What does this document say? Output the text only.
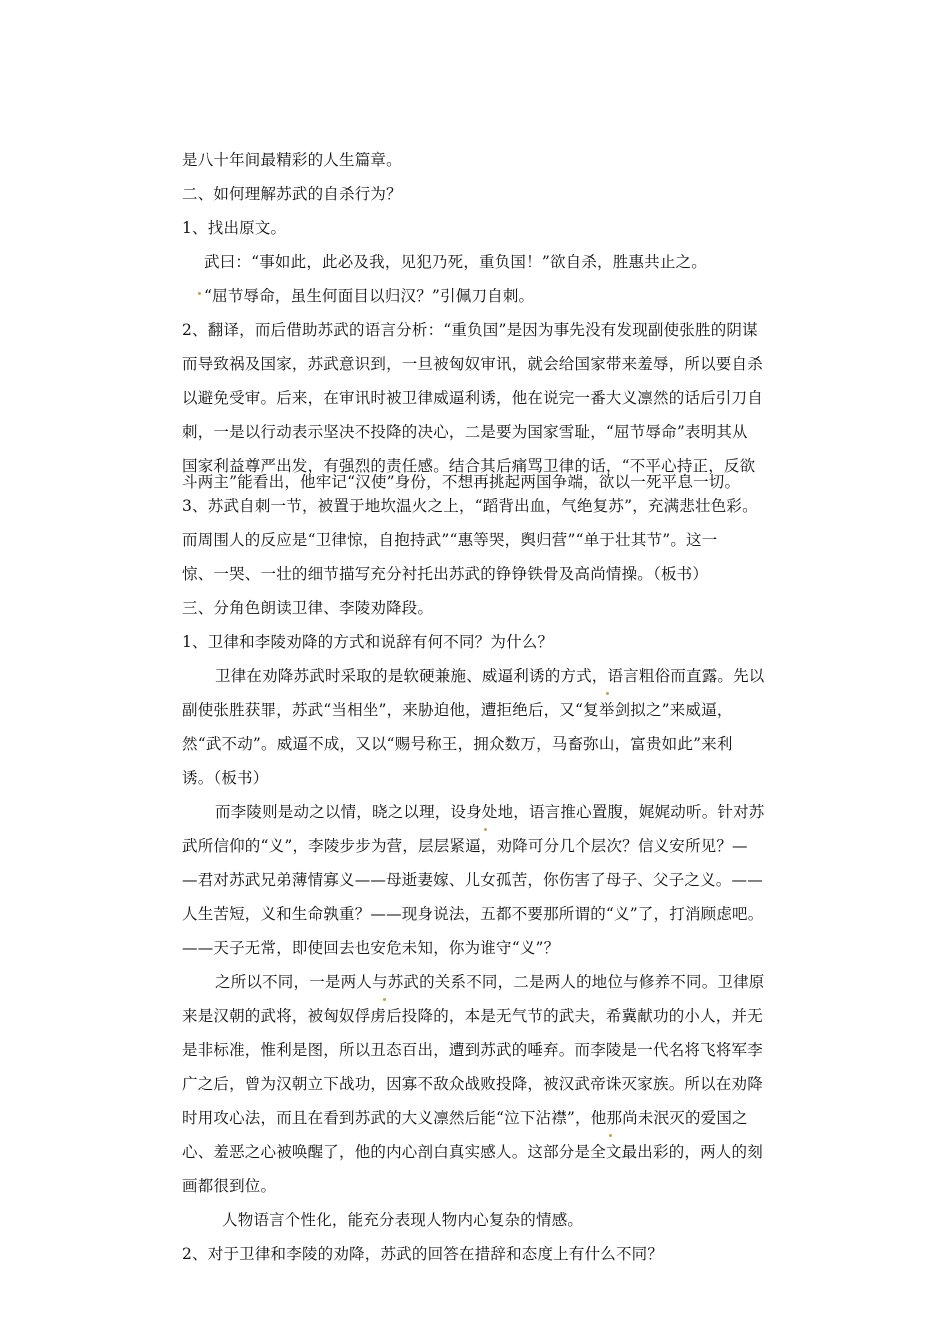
是八十年间最精彩的人生篇章。
二、如何理解苏武的自杀行为？
1、找出原文。
武曰：“事如此，此必及我，见犯乃死，重负国！”欲自杀，胜惠共止之。
“屈节辱命，虽生何面目以归汉？”引佩刀自刺。
2、翻译，而后借助苏武的语言分析：“重负国”是因为事先没有发现副使张胜的阴谋
而导致祸及国家，苏武意识到，一旦被匈奴审讯，就会给国家带来羞辱，所以要自杀
以避免受审。后来，在审讯时被卫律威逼利诱，他在说完一番大义凛然的话后引刀自
刺，一是以行动表示坚决不投降的决心，二是要为国家雪耻，“屈节辱命”表明其从
国家利益尊严出发，有强烈的责任感。结合其后痛骂卫律的话，“不平心持正，反欲
斗两主”能看出，他牢记“汉使”身份，不想再挑起两国争端，欲以一死平息一切。
3、苏武自刺一节，被置于地坎温火之上，“蹈背出血，气绝复苏”，充满悲壮色彩。
而周围人的反应是“卫律惊，自抱持武”“惠等哭，舆归营”“单于壮其节”。这一
惊、一哭、一壮的细节描写充分衬托出苏武的铮铮铁骨及高尚情操。（板书）
三、分角色朗读卫律、李陵劝降段。
1、卫律和李陵劝降的方式和说辞有何不同？为什么？
卫律在劝降苏武时采取的是软硬兼施、威逼利诱的方式，语言粗俗而直露。先以
副使张胜获罪，苏武“当相坐”，来胁迫他，遭拒绝后，又“复举剑拟之”来威逼，
然“武不动”。威逼不成，又以“赐号称王，拥众数万，马畜弥山，富贵如此”来利
诱。（板书）
而李陵则是动之以情，晓之以理，设身处地，语言推心置腹，娓娓动听。针对苏
武所信仰的“义”，李陵步步为营，层层紧逼，劝降可分几个层次？信义安所见？—
—君对苏武兄弟薄情寡义——母逝妻嫁、儿女孤苦，你伤害了母子、父子之义。——
人生苦短，义和生命孰重？——现身说法，五都不要那所谓的“义”了，打消顾虑吧。
——天子无常，即使回去也安危未知，你为谁守“义”？
之所以不同，一是两人与苏武的关系不同，二是两人的地位与修养不同。卫律原
来是汉朝的武将，被匈奴俘虏后投降的，本是无气节的武夫，希冀献功的小人，并无
是非标准，惟利是图，所以丑态百出，遭到苏武的唾弃。而李陵是一代名将飞将军李
广之后，曾为汉朝立下战功，因寡不敌众战败投降，被汉武帝诛灭家族。所以在劝降
时用攻心法，而且在看到苏武的大义凛然后能“泣下沾襟”，他那尚未泯灭的爱国之
心、羞恶之心被唤醒了，他的内心剖白真实感人。这部分是全文最出彩的，两人的刻
画都很到位。
人物语言个性化，能充分表现人物内心复杂的情感。
2、对于卫律和李陵的劝降，苏武的回答在措辞和态度上有什么不同？
